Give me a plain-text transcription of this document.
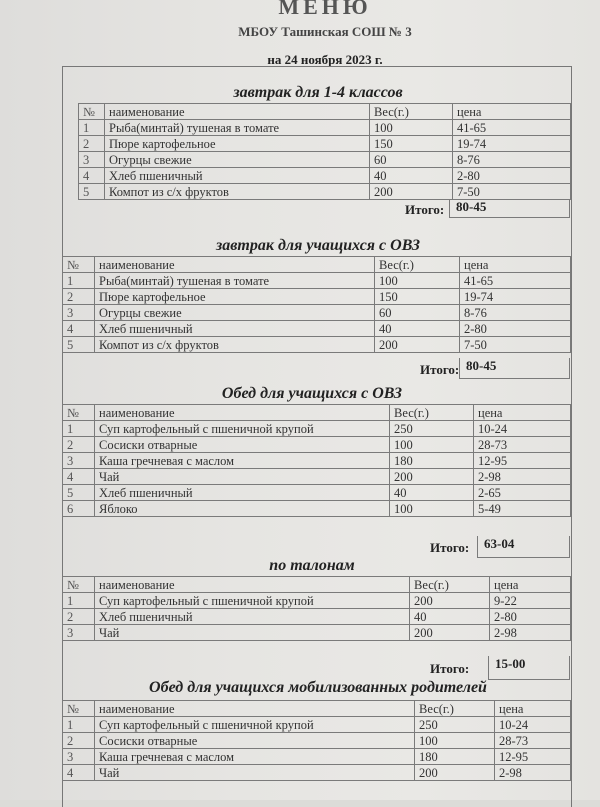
МЕНЮ
МБОУ Ташинская СОШ № 3
на 24 ноября 2023 г.
завтрак для 1-4 классов
№	наименование	Вес(г.)	цена
1	Рыба(минтай) тушеная в томате	100	41-65
2	Пюре картофельное	150	19-74
3	Огурцы свежие	60	8-76
4	Хлеб пшеничный	40	2-80
5	Компот из с/х фруктов	200	7-50
Итого: 80-45
завтрак для учащихся с ОВЗ
№	наименование	Вес(г.)	цена
1	Рыба(минтай) тушеная в томате	100	41-65
2	Пюре картофельное	150	19-74
3	Огурцы свежие	60	8-76
4	Хлеб пшеничный	40	2-80
5	Компот из с/х фруктов	200	7-50
Итого: 80-45
Обед для учащихся с ОВЗ
№	наименование	Вес(г.)	цена
1	Суп картофельный с пшеничной крупой	250	10-24
2	Сосиски отварные	100	28-73
3	Каша гречневая с маслом	180	12-95
4	Чай	200	2-98
5	Хлеб пшеничный	40	2-65
6	Яблоко	100	5-49
Итого:	63-04
по талонам
№	наименование	Вес(г.)	цена
1	Суп картофельный с пшеничной крупой	200	9-22
2	Хлеб пшеничный	40	2-80
3	Чай	200	2-98
Итого:	15-00
Обед для учащихся мобилизованных родителей
№	наименование	Вес(г.)	цена
1	Суп картофельный с пшеничной крупой	250	10-24
2	Сосиски отварные	100	28-73
3	Каша гречневая с маслом	180	12-95
4	Чай	200	2-98
